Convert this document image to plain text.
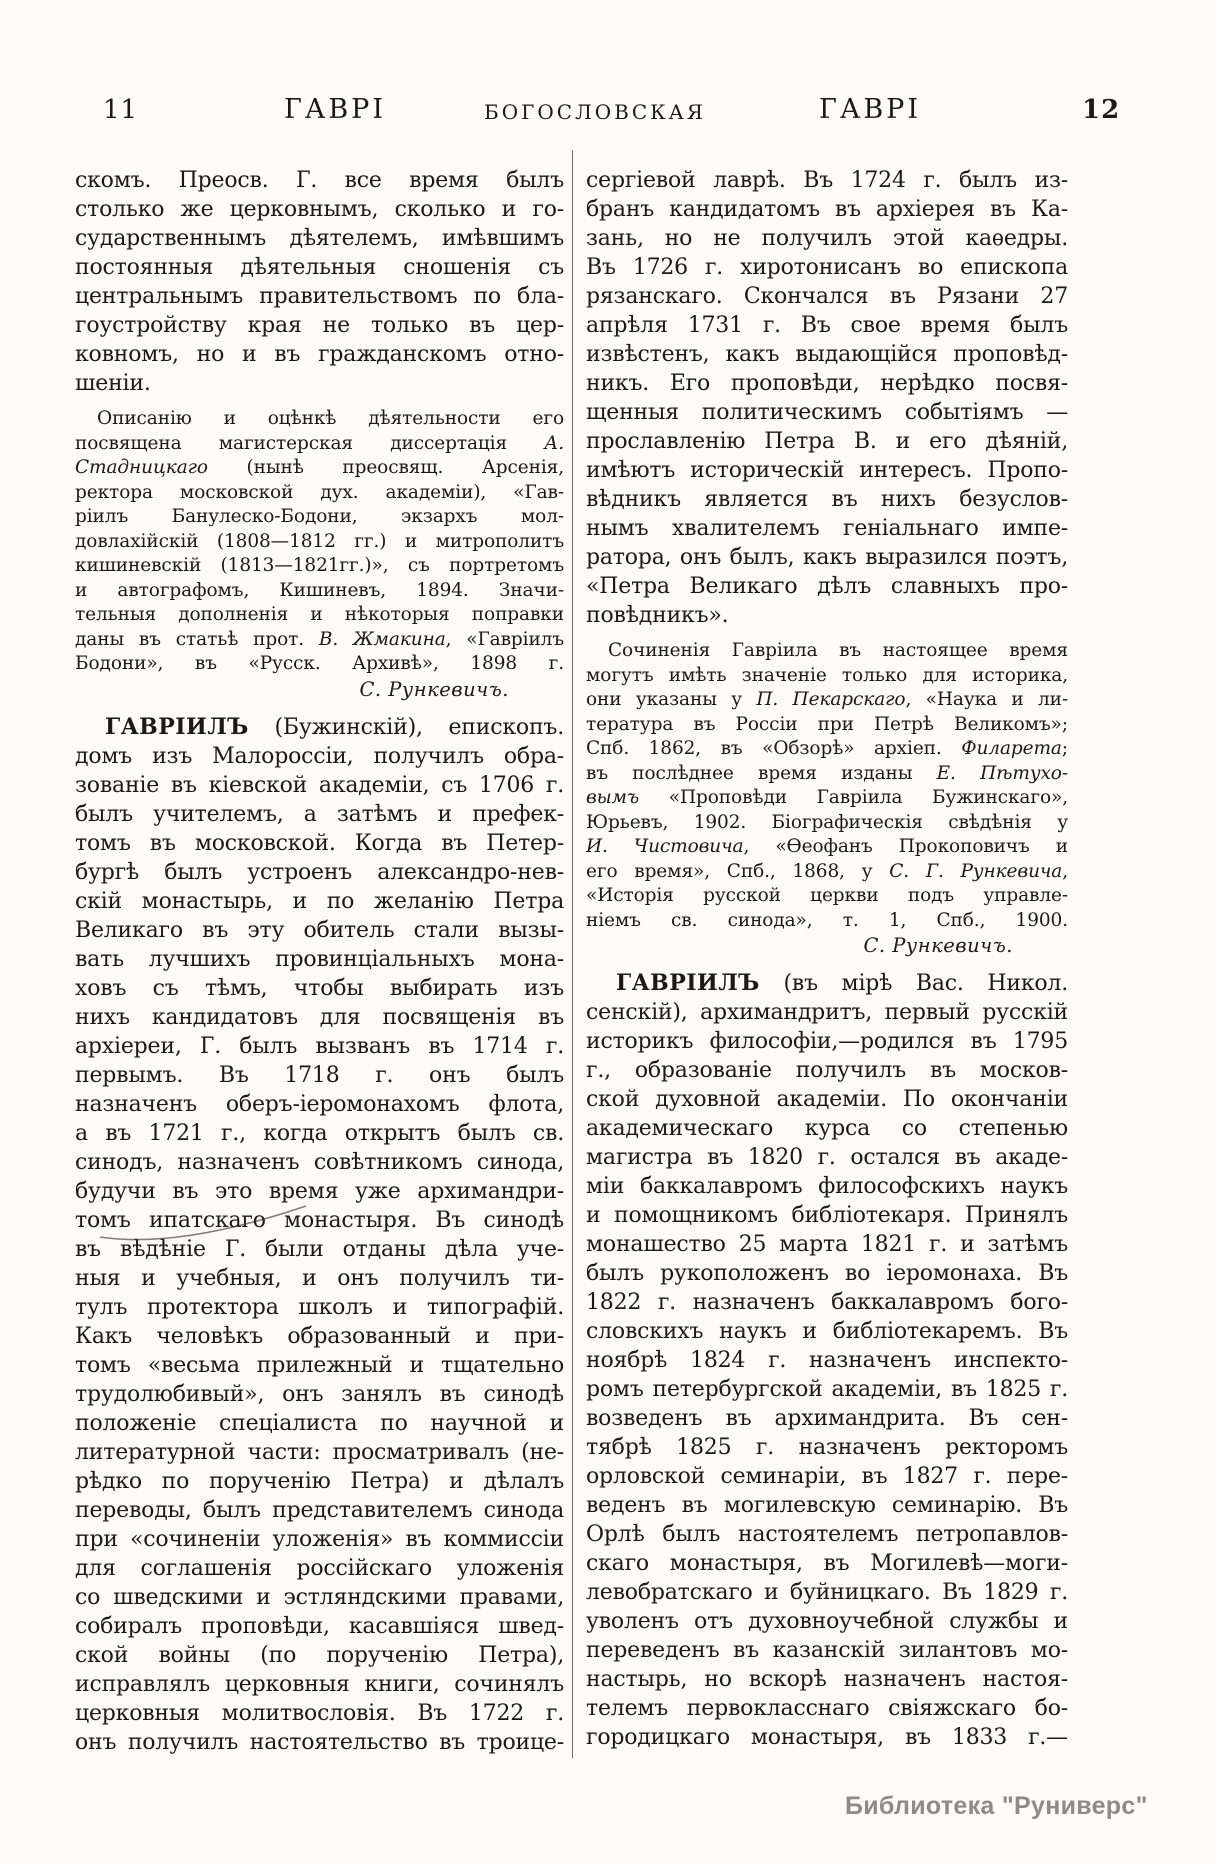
11	ГАВРІ	БОГОСЛОВСКАЯ	ГАВРІ	12
скомъ. Преосв. Г. все время былъ
столько же церковнымъ, сколько и го-
сударственнымъ дѣятелемъ, имѣвшимъ
постоянныя дѣятельныя сношенія съ
центральнымъ правительствомъ по бла-
гоустройству края не только въ цер-
ковномъ, но и въ гражданскомъ отно-
шеніи.
Описанію и оцѣнкѣ дѣятельности его
посвящена магистерская диссертація А.
Стадницкаго (нынѣ преосвящ. Арсенія,
ректора московской дух. академіи), «Гав-
ріилъ Банулеско-Бодони, экзархъ мол-
довлахійскій (1808—1812 гг.) и митрополитъ
кишиневскій (1813—1821гг.)», съ портретомъ
и автографомъ, Кишиневъ, 1894. Значи-
тельныя дополненія и нѣкоторыя поправки
даны въ статьѣ прот. В. Жмакина, «Гавріилъ
Бодони», въ «Русск. Архивѣ», 1898 г.
С. Рункевичъ.
ГАВРІИЛЪ (Бужинскій), епископъ.
домъ изъ Малороссіи, получилъ обра-
зованіе въ кіевской академіи, съ 1706 г.
былъ учителемъ, а затѣмъ и префек-
томъ въ московской. Когда въ Петер-
бургѣ былъ устроенъ александро-нев-
скій монастырь, и по желанію Петра
Великаго въ эту обитель стали вызы-
вать лучшихъ провинціальныхъ мона-
ховъ съ тѣмъ, чтобы выбирать изъ
нихъ кандидатовъ для посвященія въ
архіереи, Г. былъ вызванъ въ 1714 г.
первымъ. Въ 1718 г. онъ былъ
назначенъ оберъ-іеромонахомъ флота,
а въ 1721 г., когда открытъ былъ св.
синодъ, назначенъ совѣтникомъ синода,
будучи въ это время уже архимандри-
томъ ипатскаго монастыря. Въ синодѣ
въ вѣдѣніе Г. были отданы дѣла уче-
ныя и учебныя, и онъ получилъ ти-
тулъ протектора школъ и типографій.
Какъ человѣкъ образованный и при-
томъ «весьма прилежный и тщательно
трудолюбивый», онъ занялъ въ синодѣ
положеніе спеціалиста по научной и
литературной части: просматривалъ (не-
рѣдко по порученію Петра) и дѣлалъ
переводы, былъ представителемъ синода
при «сочиненіи уложенія» въ коммиссіи
для соглашенія россійскаго уложенія
со шведскими и эстляндскими правами,
собиралъ проповѣди, касавшіяся швед-
ской войны (по порученію Петра),
исправлялъ церковныя книги, сочинялъ
церковныя молитвословія. Въ 1722 г.
онъ получилъ настоятельство въ троице-
сергіевой лаврѣ. Въ 1724 г. былъ из-
бранъ кандидатомъ въ архіерея въ Ка-
зань, но не получилъ этой каѳедры.
Въ 1726 г. хиротонисанъ во епископа
рязанскаго. Скончался въ Рязани 27
апрѣля 1731 г. Въ свое время былъ
извѣстенъ, какъ выдающійся проповѣд-
никъ. Его проповѣди, нерѣдко посвя-
щенныя политическимъ событіямъ —
прославленію Петра В. и его дѣяній,
имѣютъ историческій интересъ. Пропо-
вѣдникъ является въ нихъ безуслов-
нымъ хвалителемъ геніальнаго импе-
ратора, онъ былъ, какъ выразился поэтъ,
«Петра Великаго дѣлъ славныхъ про-
повѣдникъ».
Сочиненія Гавріила въ настоящее время
могутъ имѣть значеніе только для историка,
они указаны у П. Пекарскаго, «Наука и ли-
тература въ Россіи при Петрѣ Великомъ»;
Спб. 1862, въ «Обзорѣ» архіеп. Филарета;
въ послѣднее время изданы Е. Пѣтухо-
вымъ «Проповѣди Гавріила Бужинскаго»,
Юрьевъ, 1902. Біографическія свѣдѣнія у
И. Чистовича, «Ѳеофанъ Прокоповичъ и
его время», Спб., 1868, у С. Г. Рункевича,
«Исторія русской церкви подъ управле-
ніемъ св. синода», т. 1, Спб., 1900.
С. Рункевичъ.
ГАВРІИЛЪ (въ мірѣ Вас. Никол.
сенскій), архимандритъ, первый русскій
историкъ философіи,—родился въ 1795
г., образованіе получилъ въ москов-
ской духовной академіи. По окончаніи
академическаго курса со степенью
магистра въ 1820 г. остался въ акаде-
міи баккалавромъ философскихъ наукъ
и помощникомъ библіотекаря. Принялъ
монашество 25 марта 1821 г. и затѣмъ
былъ рукоположенъ во іеромонаха. Въ
1822 г. назначенъ баккалавромъ бого-
словскихъ наукъ и библіотекаремъ. Въ
ноябрѣ 1824 г. назначенъ инспекто-
ромъ петербургской академіи, въ 1825 г.
возведенъ въ архимандрита. Въ сен-
тябрѣ 1825 г. назначенъ ректоромъ
орловской семинаріи, въ 1827 г. пере-
веденъ въ могилевскую семинарію. Въ
Орлѣ былъ настоятелемъ петропавлов-
скаго монастыря, въ Могилевѣ—моги-
левобратскаго и буйницкаго. Въ 1829 г.
уволенъ отъ духовноучебной службы и
переведенъ въ казанскій зилантовъ мо-
настырь, но вскорѣ назначенъ настоя-
телемъ первокласснаго свіяжскаго бо-
городицкаго монастыря, въ 1833 г.—
Библиотека "Руниверс"
